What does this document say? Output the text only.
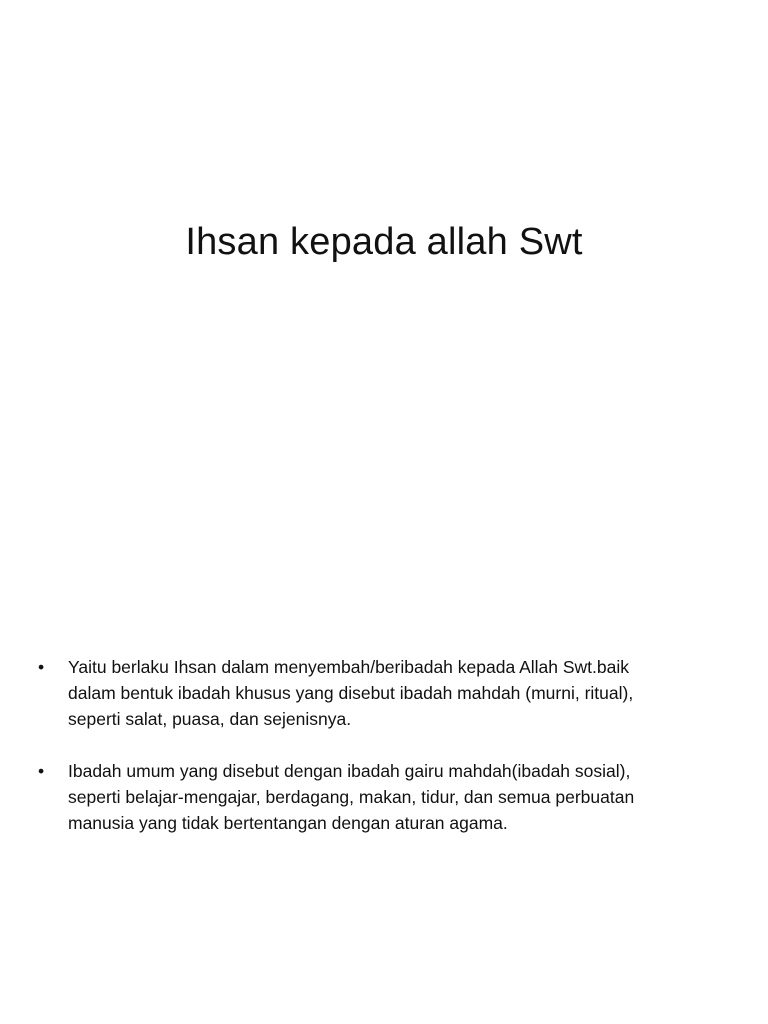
Ihsan kepada allah Swt
•	Yaitu berlaku Ihsan dalam menyembah/beribadah kepada Allah Swt.baik
dalam bentuk ibadah khusus yang disebut ibadah mahdah (murni, ritual),
seperti salat, puasa, dan sejenisnya.
•	Ibadah umum yang disebut dengan ibadah gairu mahdah(ibadah sosial),
seperti belajar-mengajar, berdagang, makan, tidur, dan semua perbuatan
manusia yang tidak bertentangan dengan aturan agama.
